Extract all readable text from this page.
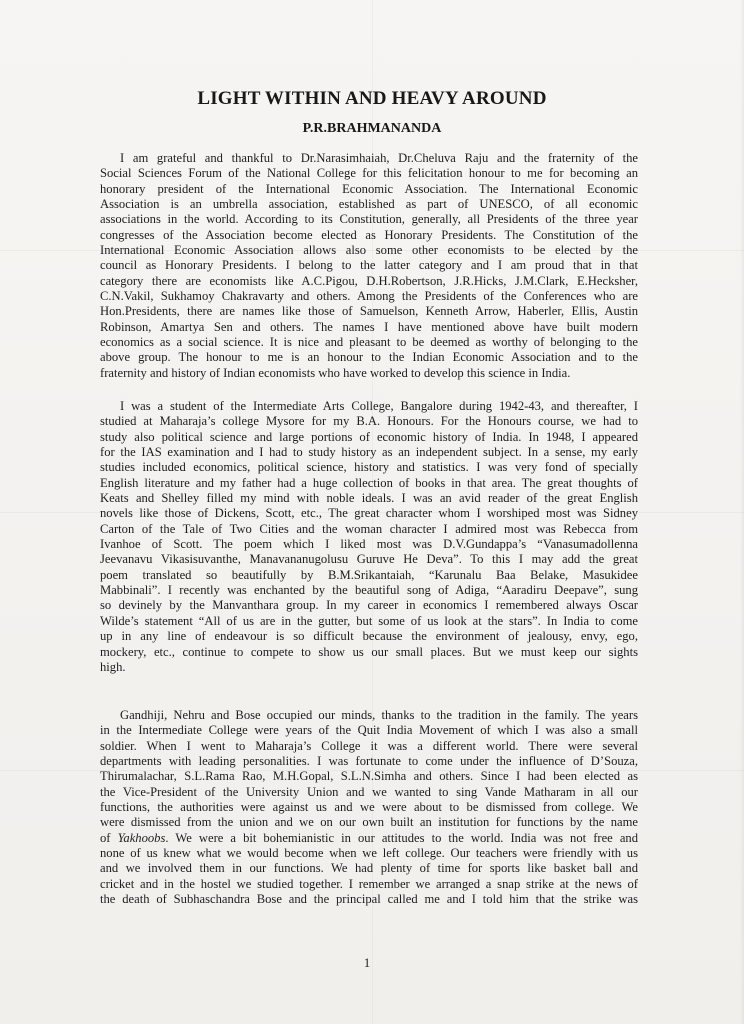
LIGHT WITHIN AND HEAVY AROUND
P.R.BRAHMANANDA
I am grateful and thankful to Dr.Narasimhaiah, Dr.Cheluva Raju and the fraternity of the
Social Sciences Forum of the National College for this felicitation honour to me for becoming an
honorary president of the International Economic Association. The International Economic
Association is an umbrella association, established as part of UNESCO, of all economic
associations in the world. According to its Constitution, generally, all Presidents of the three year
congresses of the Association become elected as Honorary Presidents. The Constitution of the
International Economic Association allows also some other economists to be elected by the
council as Honorary Presidents. I belong to the latter category and I am proud that in that
category there are economists like A.C.Pigou, D.H.Robertson, J.R.Hicks, J.M.Clark, E.Hecksher,
C.N.Vakil, Sukhamoy Chakravarty and others. Among the Presidents of the Conferences who are
Hon.Presidents, there are names like those of Samuelson, Kenneth Arrow, Haberler, Ellis, Austin
Robinson, Amartya Sen and others. The names I have mentioned above have built modern
economics as a social science. It is nice and pleasant to be deemed as worthy of belonging to the
above group. The honour to me is an honour to the Indian Economic Association and to the
fraternity and history of Indian economists who have worked to develop this science in India.
I was a student of the Intermediate Arts College, Bangalore during 1942-43, and thereafter, I
studied at Maharaja’s college Mysore for my B.A. Honours. For the Honours course, we had to
study also political science and large portions of economic history of India. In 1948, I appeared
for the IAS examination and I had to study history as an independent subject. In a sense, my early
studies included economics, political science, history and statistics. I was very fond of specially
English literature and my father had a huge collection of books in that area. The great thoughts of
Keats and Shelley filled my mind with noble ideals. I was an avid reader of the great English
novels like those of Dickens, Scott, etc., The great character whom I worshiped most was Sidney
Carton of the Tale of Two Cities and the woman character I admired most was Rebecca from
Ivanhoe of Scott. The poem which I liked most was D.V.Gundappa’s “Vanasumadollenna
Jeevanavu Vikasisuvanthe, Manavananugolusu Guruve He Deva”. To this I may add the great
poem translated so beautifully by B.M.Srikantaiah, “Karunalu Baa Belake, Masukidee
Mabbinali”. I recently was enchanted by the beautiful song of Adiga, “Aaradiru Deepave”, sung
so devinely by the Manvanthara group. In my career in economics I remembered always Oscar
Wilde’s statement “All of us are in the gutter, but some of us look at the stars”. In India to come
up in any line of endeavour is so difficult because the environment of jealousy, envy, ego,
mockery, etc., continue to compete to show us our small places. But we must keep our sights
high.
Gandhiji, Nehru and Bose occupied our minds, thanks to the tradition in the family. The years
in the Intermediate College were years of the Quit India Movement of which I was also a small
soldier. When I went to Maharaja’s College it was a different world. There were several
departments with leading personalities. I was fortunate to come under the influence of D’Souza,
Thirumalachar, S.L.Rama Rao, M.H.Gopal, S.L.N.Simha and others. Since I had been elected as
the Vice-President of the University Union and we wanted to sing Vande Matharam in all our
functions, the authorities were against us and we were about to be dismissed from college. We
were dismissed from the union and we on our own built an institution for functions by the name
of Yakhoobs. We were a bit bohemianistic in our attitudes to the world. India was not free and
none of us knew what we would become when we left college. Our teachers were friendly with us
and we involved them in our functions. We had plenty of time for sports like basket ball and
cricket and in the hostel we studied together. I remember we arranged a snap strike at the news of
the death of Subhaschandra Bose and the principal called me and I told him that the strike was
1
